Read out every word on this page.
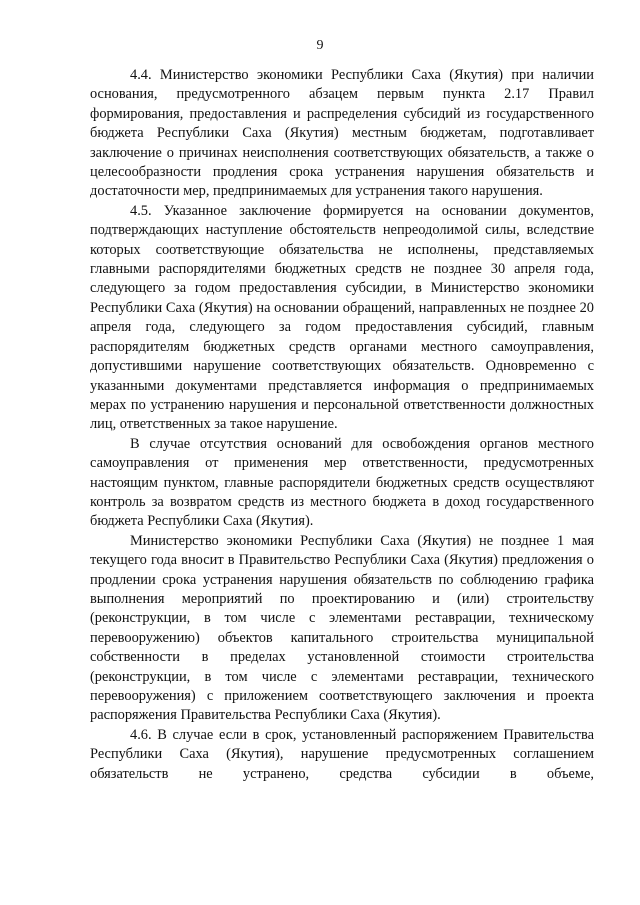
9

4.4. Министерство экономики Республики Саха (Якутия) при наличии основания, предусмотренного абзацем первым пункта 2.17 Правил формирования, предоставления и распределения субсидий из государственного бюджета Республики Саха (Якутия) местным бюджетам, подготавливает заключение о причинах неисполнения соответствующих обязательств, а также о целесообразности продления срока устранения нарушения обязательств и достаточности мер, предпринимаемых для устранения такого нарушения.

4.5. Указанное заключение формируется на основании документов, подтверждающих наступление обстоятельств непреодолимой силы, вследствие которых соответствующие обязательства не исполнены, представляемых главными распорядителями бюджетных средств не позднее 30 апреля года, следующего за годом предоставления субсидии, в Министерство экономики Республики Саха (Якутия) на основании обращений, направленных не позднее 20 апреля года, следующего за годом предоставления субсидий, главным распорядителям бюджетных средств органами местного самоуправления, допустившими нарушение соответствующих обязательств. Одновременно с указанными документами представляется информация о предпринимаемых мерах по устранению нарушения и персональной ответственности должностных лиц, ответственных за такое нарушение.

В случае отсутствия оснований для освобождения органов местного самоуправления от применения мер ответственности, предусмотренных настоящим пунктом, главные распорядители бюджетных средств осуществляют контроль за возвратом средств из местного бюджета в доход государственного бюджета Республики Саха (Якутия).

Министерство экономики Республики Саха (Якутия) не позднее 1 мая текущего года вносит в Правительство Республики Саха (Якутия) предложения о продлении срока устранения нарушения обязательств по соблюдению графика выполнения мероприятий по проектированию и (или) строительству (реконструкции, в том числе с элементами реставрации, техническому перевооружению) объектов капитального строительства муниципальной собственности в пределах установленной стоимости строительства (реконструкции, в том числе с элементами реставрации, технического перевооружения) с приложением соответствующего заключения и проекта распоряжения Правительства Республики Саха (Якутия).

4.6. В случае если в срок, установленный распоряжением Правительства Республики Саха (Якутия), нарушение предусмотренных соглашением обязательств не устранено, средства субсидии в объеме,
